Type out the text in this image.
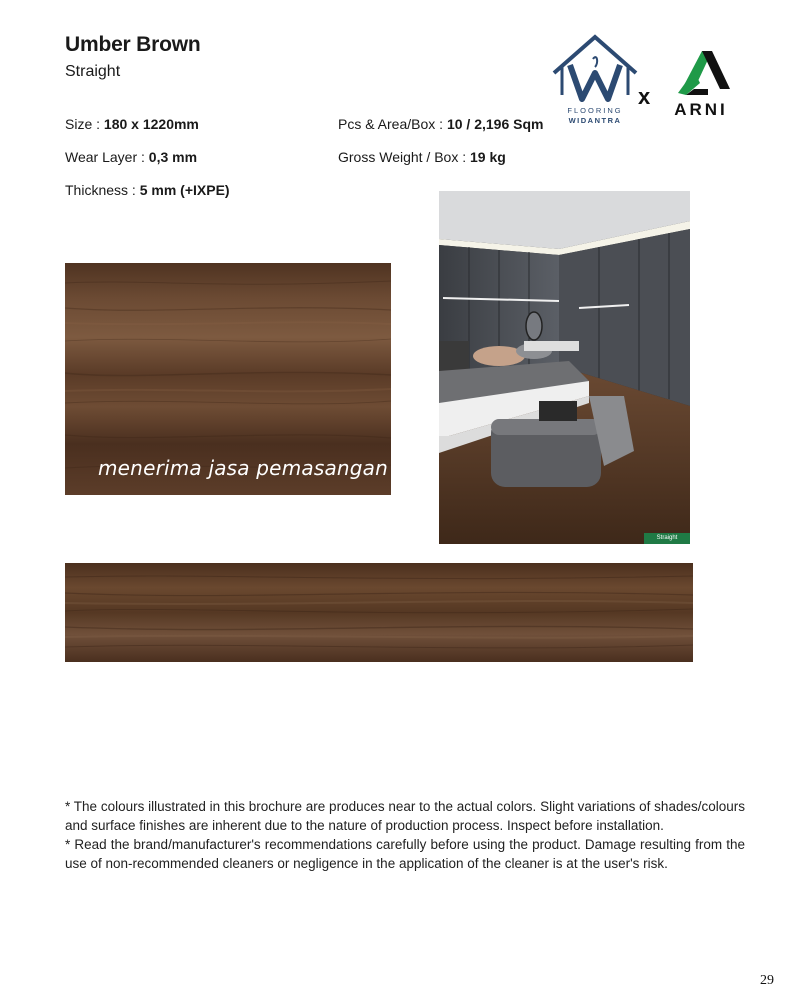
Umber Brown
Straight
Size : 180 x 1220mm
Wear Layer : 0,3 mm
Thickness : 5 mm (+IXPE)
Pcs & Area/Box : 10 / 2,196 Sqm
Gross Weight / Box : 19 kg
FLOORING
WIDANTRA
x
ARNI
menerima jasa pemasangan
Straight

* The colours illustrated in this brochure are produces near to the actual colors. Slight variations of shades/colours and surface finishes are inherent due to the nature of production process. Inspect before installation.

* Read the brand/manufacturer's recommendations carefully before using the product. Damage resulting from the use of non-recommended cleaners or negligence in the application of the cleaner is at the user's risk.

29
